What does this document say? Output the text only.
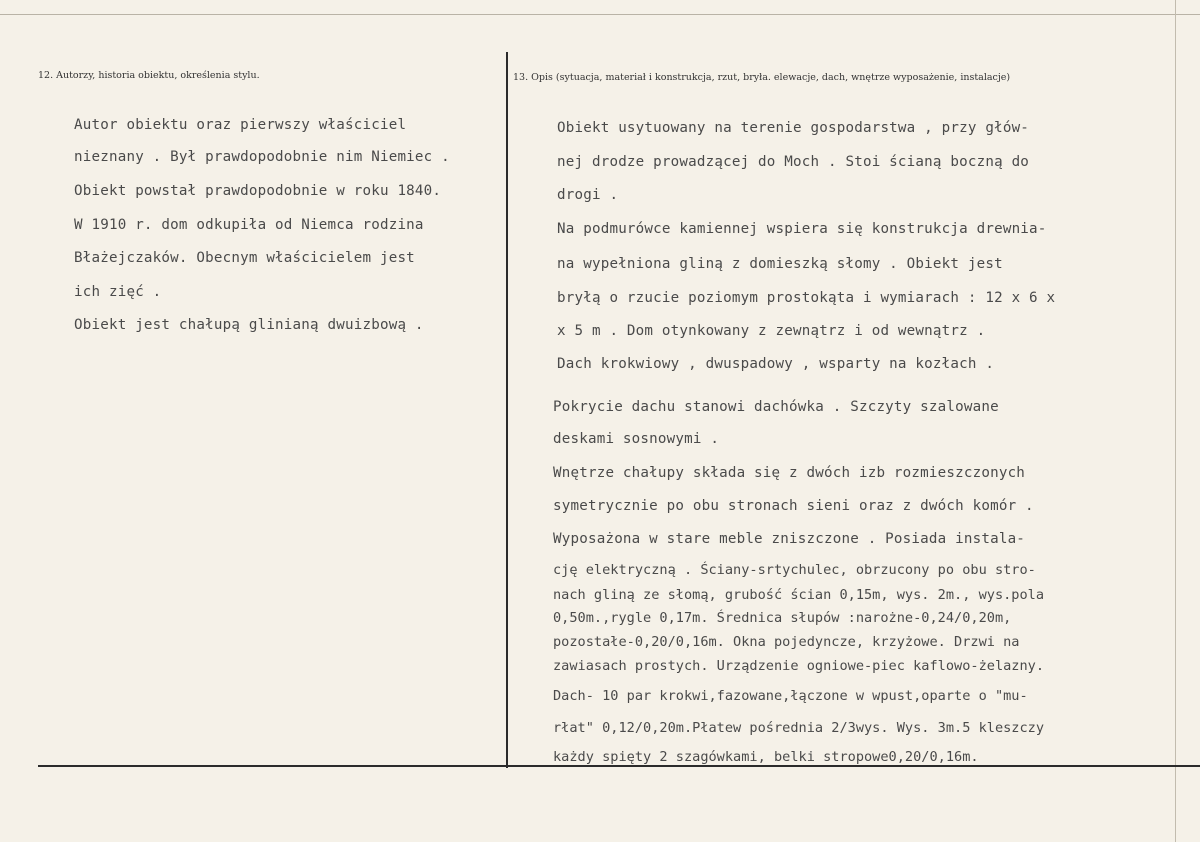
12. Autorzy, historia obiektu, określenia stylu.	13. Opis (sytuacja, materiał i konstrukcja, rzut, bryła. elewacje, dach, wnętrze wyposażenie, instalacje)
Autor obiektu oraz pierwszy właściciel
nieznany . Był prawdopodobnie nim Niemiec .
Obiekt powstał prawdopodobnie w roku 1840.
W 1910 r. dom odkupiła od Niemca rodzina
Błażejczaków. Obecnym właścicielem jest
ich zięć .
Obiekt jest chałupą glinianą dwuizbową .
Obiekt usytuowany na terenie gospodarstwa , przy głów-
nej drodze prowadzącej do Moch . Stoi ścianą boczną do
drogi .
Na podmurówce kamiennej wspiera się konstrukcja drewnia-
na wypełniona gliną z domieszką słomy . Obiekt jest
bryłą o rzucie poziomym prostokąta i wymiarach : 12 x 6 x
x 5 m . Dom otynkowany z zewnątrz i od wewnątrz .
Dach krokwiowy , dwuspadowy , wsparty na kozłach .
Pokrycie dachu stanowi dachówka . Szczyty szalowane
deskami sosnowymi .
Wnętrze chałupy składa się z dwóch izb rozmieszczonych
symetrycznie po obu stronach sieni oraz z dwóch komór .
Wyposażona w stare meble zniszczone . Posiada instala-
cję elektryczną . Ściany-srtychulec, obrzucony po obu stro-
nach gliną ze słomą, grubość ścian 0,15m, wys. 2m., wys.pola
0,50m.,rygle 0,17m. Średnica słupów :narożne-0,24/0,20m,
pozostałe-0,20/0,16m. Okna pojedyncze, krzyżowe. Drzwi na
zawiasach prostych. Urządzenie ogniowe-piec kaflowo-żelazny.
Dach- 10 par krokwi,fazowane,łączone w wpust,oparte o "mu-
rłat" 0,12/0,20m.Płatew pośrednia 2/3wys. Wys. 3m.5 kleszczy
każdy spięty 2 szagówkami, belki stropowe0,20/0,16m.
